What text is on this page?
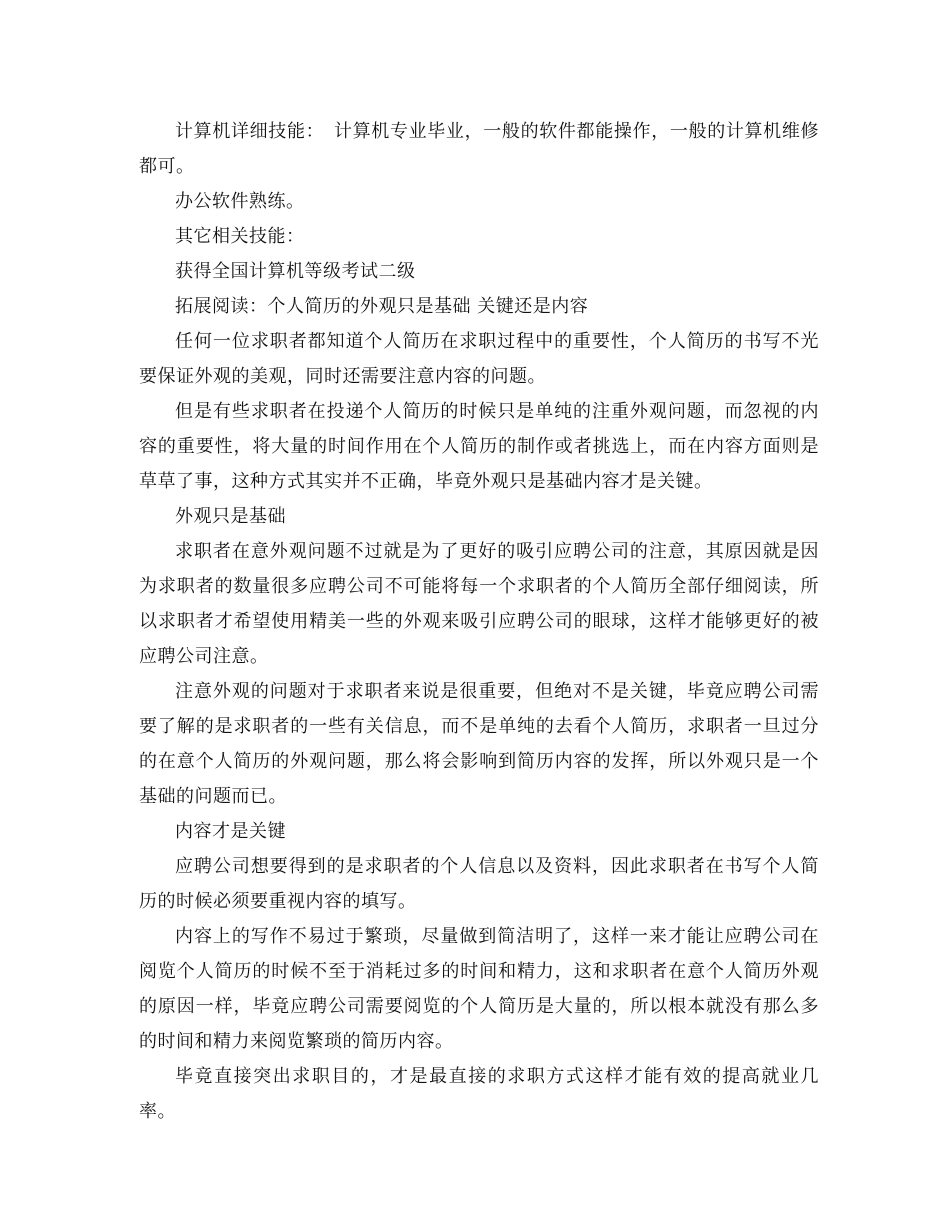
计算机详细技能：　计算机专业毕业，一般的软件都能操作，一般的计算机维修都可。

办公软件熟练。

其它相关技能：

获得全国计算机等级考试二级

拓展阅读：个人简历的外观只是基础 关键还是内容

任何一位求职者都知道个人简历在求职过程中的重要性，个人简历的书写不光要保证外观的美观，同时还需要注意内容的问题。

但是有些求职者在投递个人简历的时候只是单纯的注重外观问题，而忽视的内容的重要性，将大量的时间作用在个人简历的制作或者挑选上，而在内容方面则是草草了事，这种方式其实并不正确，毕竟外观只是基础内容才是关键。

外观只是基础

求职者在意外观问题不过就是为了更好的吸引应聘公司的注意，其原因就是因为求职者的数量很多应聘公司不可能将每一个求职者的个人简历全部仔细阅读，所以求职者才希望使用精美一些的外观来吸引应聘公司的眼球，这样才能够更好的被应聘公司注意。

注意外观的问题对于求职者来说是很重要，但绝对不是关键，毕竟应聘公司需要了解的是求职者的一些有关信息，而不是单纯的去看个人简历，求职者一旦过分的在意个人简历的外观问题，那么将会影响到简历内容的发挥，所以外观只是一个基础的问题而已。

内容才是关键

应聘公司想要得到的是求职者的个人信息以及资料，因此求职者在书写个人简历的时候必须要重视内容的填写。

内容上的写作不易过于繁琐，尽量做到简洁明了，这样一来才能让应聘公司在阅览个人简历的时候不至于消耗过多的时间和精力，这和求职者在意个人简历外观的原因一样，毕竟应聘公司需要阅览的个人简历是大量的，所以根本就没有那么多的时间和精力来阅览繁琐的简历内容。

毕竟直接突出求职目的，才是最直接的求职方式这样才能有效的提高就业几率。
